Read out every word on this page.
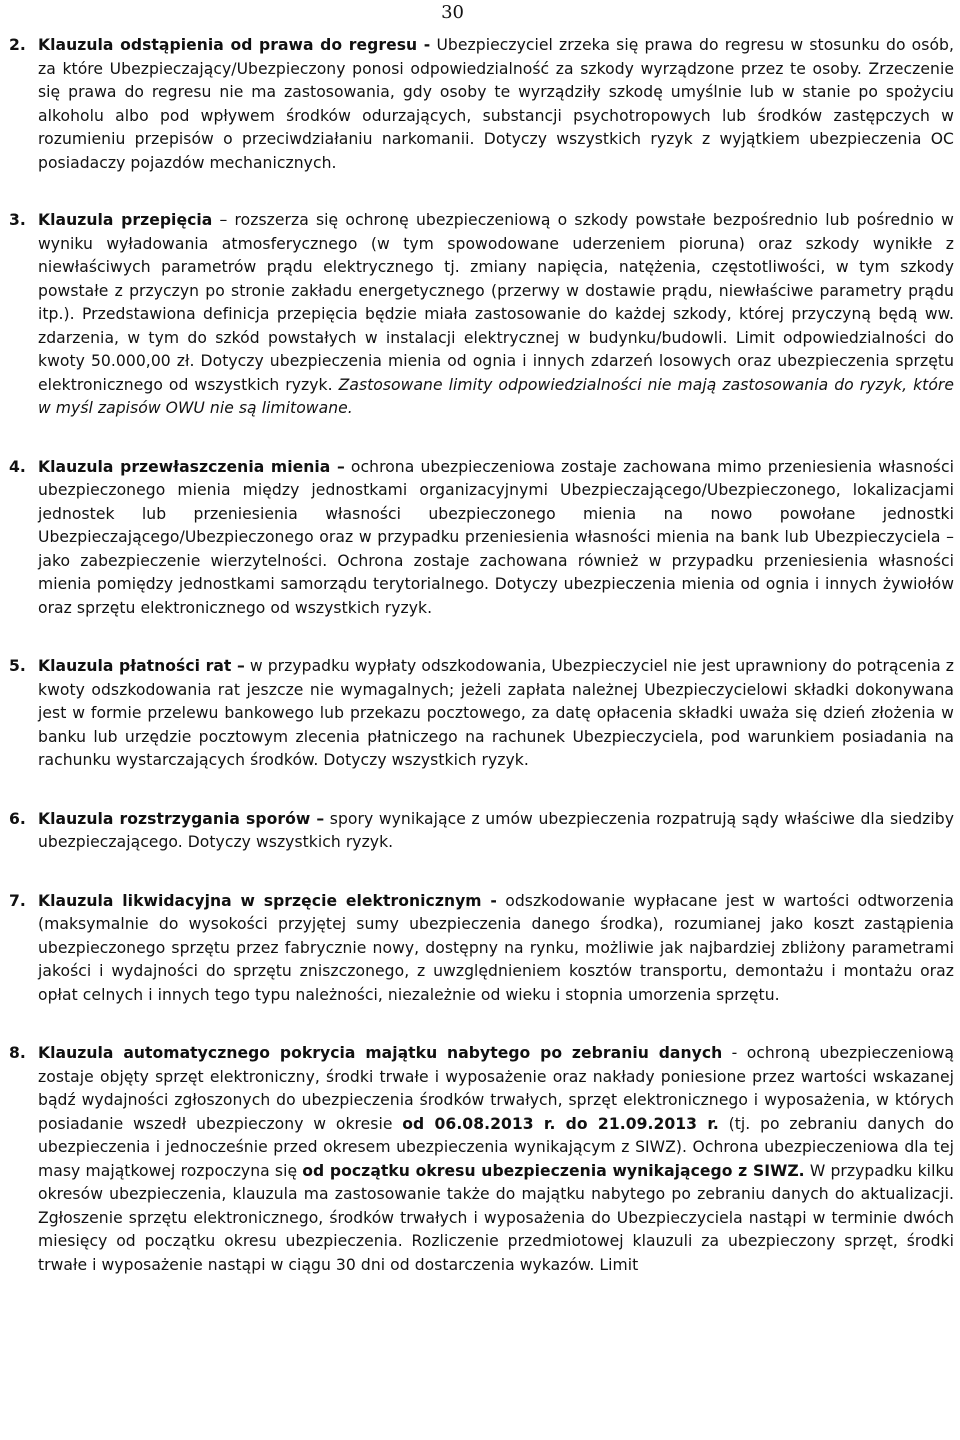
30
2. Klauzula odstąpienia od prawa do regresu - Ubezpieczyciel zrzeka się prawa do regresu w stosunku do osób, za które Ubezpieczający/Ubezpieczony ponosi odpowiedzialność za szkody wyrządzone przez te osoby. Zrzeczenie się prawa do regresu nie ma zastosowania, gdy osoby te wyrządziły szkodę umyślnie lub w stanie po spożyciu alkoholu albo pod wpływem środków odurzających, substancji psychotropowych lub środków zastępczych w rozumieniu przepisów o przeciwdziałaniu narkomanii. Dotyczy wszystkich ryzyk z wyjątkiem ubezpieczenia OC posiadaczy pojazdów mechanicznych.
3. Klauzula przepięcia – rozszerza się ochronę ubezpieczeniową o szkody powstałe bezpośrednio lub pośrednio w wyniku wyładowania atmosferycznego (w tym spowodowane uderzeniem pioruna) oraz szkody wynikłe z niewłaściwych parametrów prądu elektrycznego tj. zmiany napięcia, natężenia, częstotliwości, w tym szkody powstałe z przyczyn po stronie zakładu energetycznego (przerwy w dostawie prądu, niewłaściwe parametry prądu itp.). Przedstawiona definicja przepięcia będzie miała zastosowanie do każdej szkody, której przyczyną będą ww. zdarzenia, w tym do szkód powstałych w instalacji elektrycznej w budynku/budowli. Limit odpowiedzialności do kwoty 50.000,00 zł. Dotyczy ubezpieczenia mienia od ognia i innych zdarzeń losowych oraz ubezpieczenia sprzętu elektronicznego od wszystkich ryzyk. Zastosowane limity odpowiedzialności nie mają zastosowania do ryzyk, które w myśl zapisów OWU nie są limitowane.
4. Klauzula przewłaszczenia mienia – ochrona ubezpieczeniowa zostaje zachowana mimo przeniesienia własności ubezpieczonego mienia między jednostkami organizacyjnymi Ubezpieczającego/Ubezpieczonego, lokalizacjami jednostek lub przeniesienia własności ubezpieczonego mienia na nowo powołane jednostki Ubezpieczającego/Ubezpieczonego oraz w przypadku przeniesienia własności mienia na bank lub Ubezpieczyciela – jako zabezpieczenie wierzytelności. Ochrona zostaje zachowana również w przypadku przeniesienia własności mienia pomiędzy jednostkami samorządu terytorialnego. Dotyczy ubezpieczenia mienia od ognia i innych żywiołów oraz sprzętu elektronicznego od wszystkich ryzyk.
5. Klauzula płatności rat – w przypadku wypłaty odszkodowania, Ubezpieczyciel nie jest uprawniony do potrącenia z kwoty odszkodowania rat jeszcze nie wymagalnych; jeżeli zapłata należnej Ubezpieczycielowi składki dokonywana jest w formie przelewu bankowego lub przekazu pocztowego, za datę opłacenia składki uważa się dzień złożenia w banku lub urzędzie pocztowym zlecenia płatniczego na rachunek Ubezpieczyciela, pod warunkiem posiadania na rachunku wystarczających środków. Dotyczy wszystkich ryzyk.
6. Klauzula rozstrzygania sporów – spory wynikające z umów ubezpieczenia rozpatrują sądy właściwe dla siedziby ubezpieczającego. Dotyczy wszystkich ryzyk.
7. Klauzula likwidacyjna w sprzęcie elektronicznym - odszkodowanie wypłacane jest w wartości odtworzenia (maksymalnie do wysokości przyjętej sumy ubezpieczenia danego środka), rozumianej jako koszt zastąpienia ubezpieczonego sprzętu przez fabrycznie nowy, dostępny na rynku, możliwie jak najbardziej zbliżony parametrami jakości i wydajności do sprzętu zniszczonego, z uwzględnieniem kosztów transportu, demontażu i montażu oraz opłat celnych i innych tego typu należności, niezależnie od wieku i stopnia umorzenia sprzętu.
8. Klauzula automatycznego pokrycia majątku nabytego po zebraniu danych - ochroną ubezpieczeniową zostaje objęty sprzęt elektroniczny, środki trwałe i wyposażenie oraz nakłady poniesione przez wartości wskazanej bądź wydajności zgłoszonych do ubezpieczenia środków trwałych, sprzęt elektronicznego i wyposażenia, w których posiadanie wszedł ubezpieczony w okresie od 06.08.2013 r. do 21.09.2013 r. (tj. po zebraniu danych do ubezpieczenia i jednocześnie przed okresem ubezpieczenia wynikającym z SIWZ). Ochrona ubezpieczeniowa dla tej masy majątkowej rozpoczyna się od początku okresu ubezpieczenia wynikającego z SIWZ. W przypadku kilku okresów ubezpieczenia, klauzula ma zastosowanie także do majątku nabytego po zebraniu danych do aktualizacji. Zgłoszenie sprzętu elektronicznego, środków trwałych i wyposażenia do Ubezpieczyciela nastąpi w terminie dwóch miesięcy od początku okresu ubezpieczenia. Rozliczenie przedmiotowej klauzuli za ubezpieczony sprzęt, środki trwałe i wyposażenie nastąpi w ciągu 30 dni od dostarczenia wykazów. Limit
